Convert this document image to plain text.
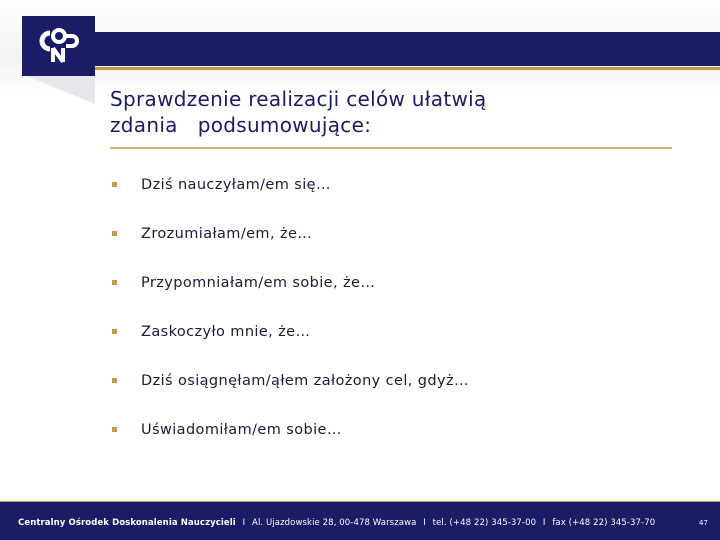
Sprawdzenie realizacji celów ułatwią
zdania   podsumowujące:
Dziś nauczyłam/em się…
Zrozumiałam/em, że…
Przypomniałam/em sobie, że…
Zaskoczyło mnie, że…
Dziś osiągnęłam/ąłem założony cel, gdyż…
Uświadomiłam/em sobie…
Centralny Ośrodek Doskonalenia Nauczycieli I Al. Ujazdowskie 28, 00-478 Warszawa I tel. (+48 22) 345-37-00 I fax (+48 22) 345-37-70	47
